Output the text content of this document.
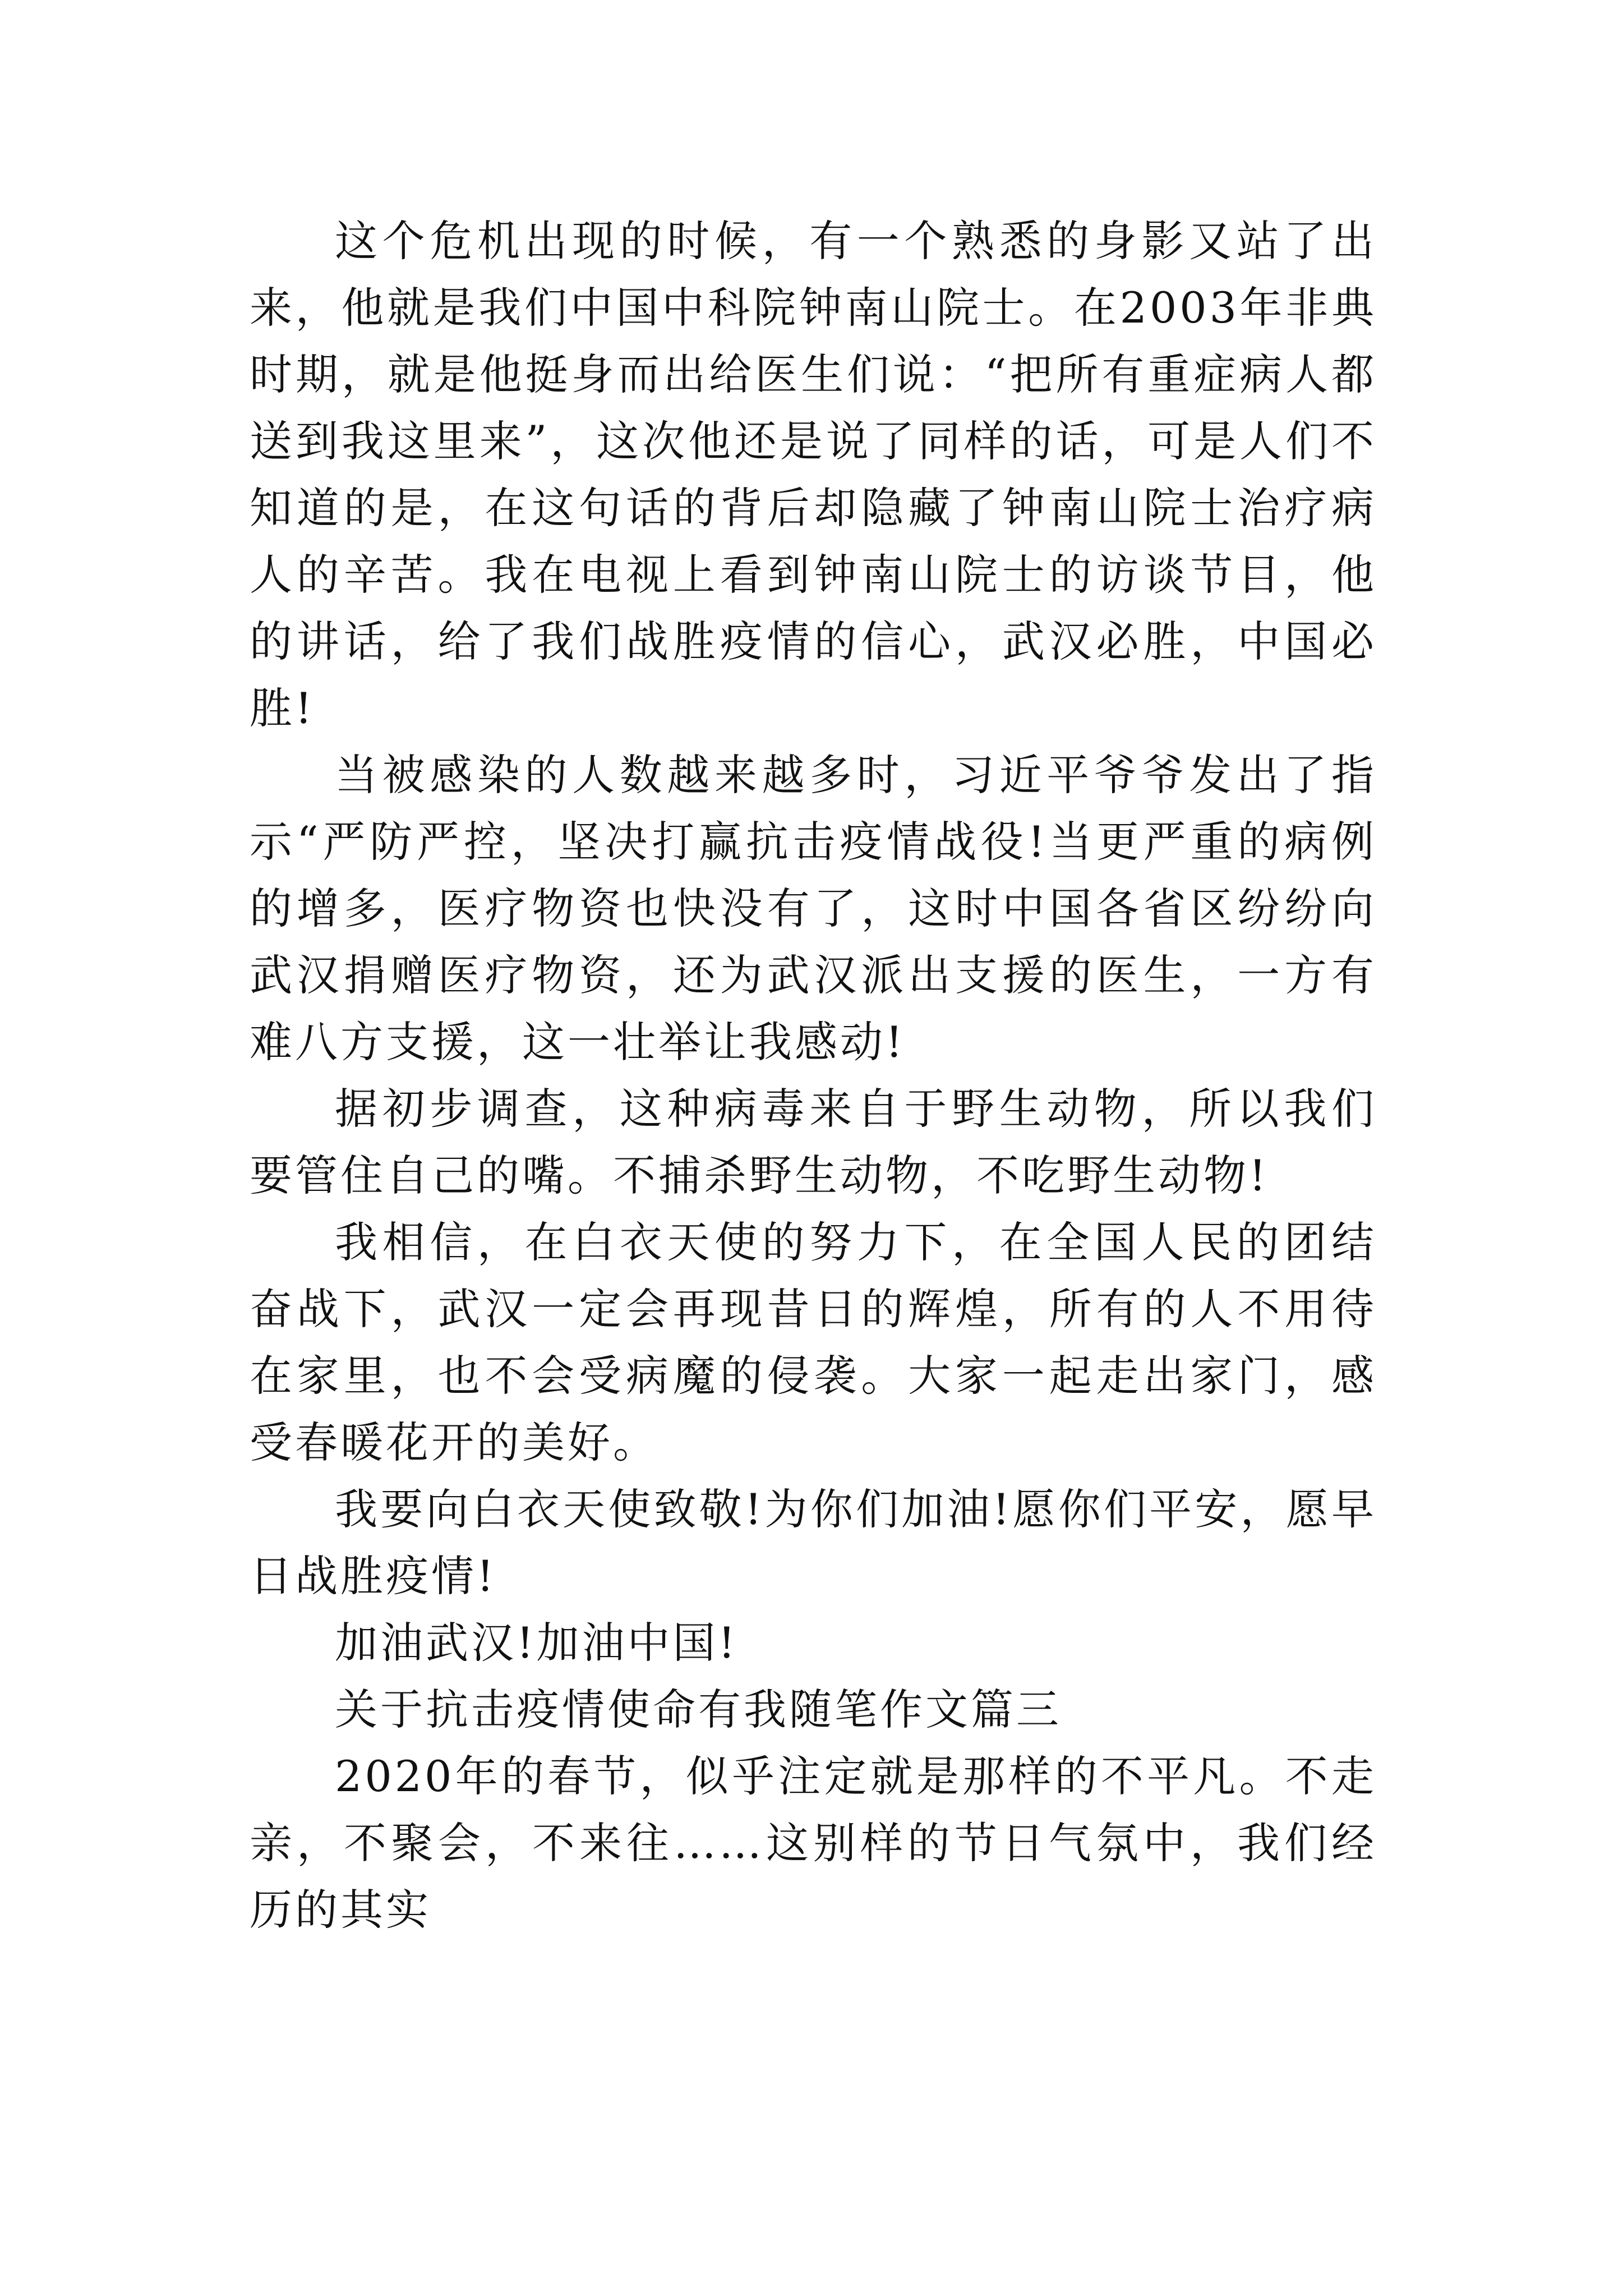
这个危机出现的时候，有一个熟悉的身影又站了出来，他就是我们中国中科院钟南山院士。在2003年非典时期，就是他挺身而出给医生们说：“把所有重症病人都送到我这里来”，这次他还是说了同样的话，可是人们不知道的是，在这句话的背后却隐藏了钟南山院士治疗病人的辛苦。我在电视上看到钟南山院士的访谈节目，他的讲话，给了我们战胜疫情的信心，武汉必胜，中国必胜!

当被感染的人数越来越多时，习近平爷爷发出了指示“严防严控，坚决打赢抗击疫情战役!当更严重的病例的增多，医疗物资也快没有了，这时中国各省区纷纷向武汉捐赠医疗物资，还为武汉派出支援的医生，一方有难八方支援，这一壮举让我感动!

据初步调查，这种病毒来自于野生动物，所以我们要管住自己的嘴。不捕杀野生动物，不吃野生动物!

我相信，在白衣天使的努力下，在全国人民的团结奋战下，武汉一定会再现昔日的辉煌，所有的人不用待在家里，也不会受病魔的侵袭。大家一起走出家门，感受春暖花开的美好。

我要向白衣天使致敬!为你们加油!愿你们平安，愿早日战胜疫情!

加油武汉!加油中国!

关于抗击疫情使命有我随笔作文篇三

2020年的春节，似乎注定就是那样的不平凡。不走亲，不聚会，不来往……这别样的节日气氛中，我们经历的其实
